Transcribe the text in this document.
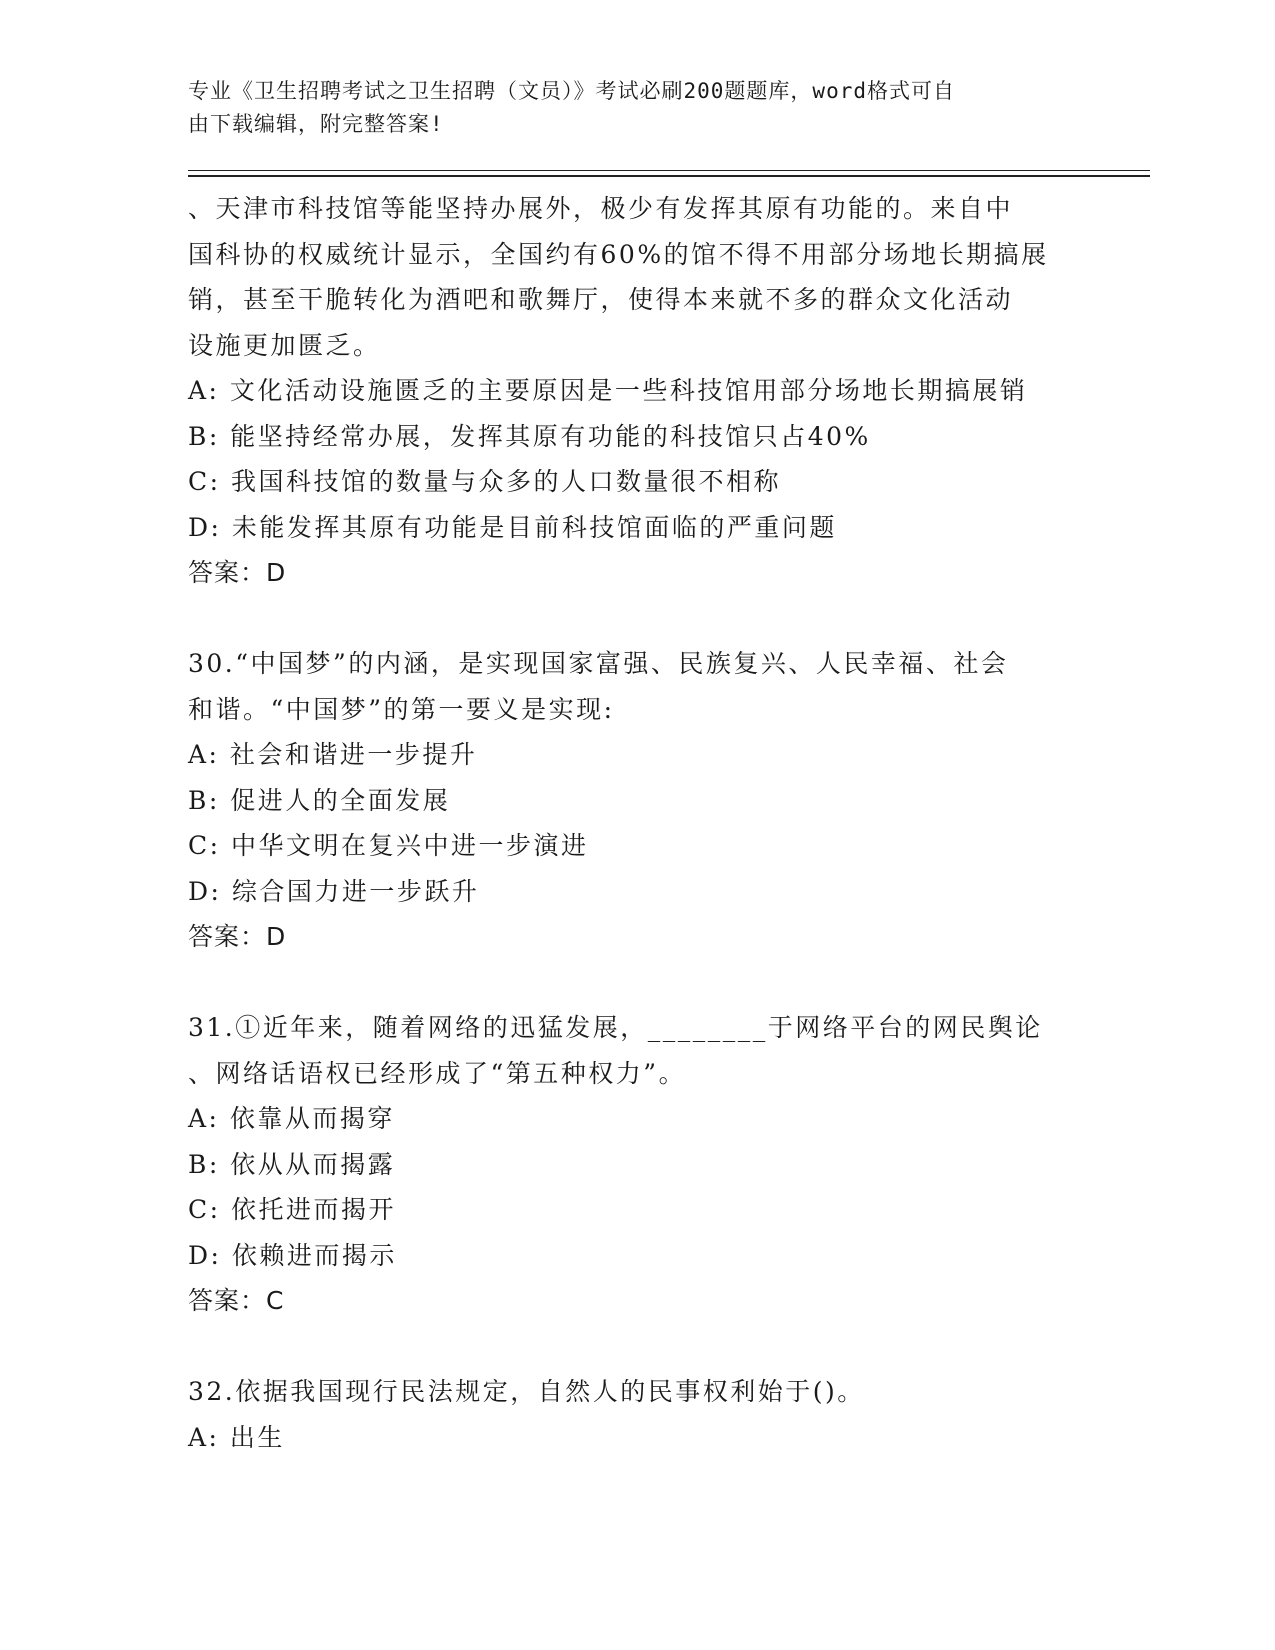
专业《卫生招聘考试之卫生招聘（文员）》考试必刷200题题库，word格式可自
由下载编辑，附完整答案!

、天津市科技馆等能坚持办展外，极少有发挥其原有功能的。来自中

国科协的权威统计显示，全国约有60%的馆不得不用部分场地长期搞展

销，甚至干脆转化为酒吧和歌舞厅，使得本来就不多的群众文化活动

设施更加匮乏。

A: 文化活动设施匮乏的主要原因是一些科技馆用部分场地长期搞展销

B: 能坚持经常办展，发挥其原有功能的科技馆只占40%

C: 我国科技馆的数量与众多的人口数量很不相称

D: 未能发挥其原有功能是目前科技馆面临的严重问题

答案：D

30.“中国梦”的内涵，是实现国家富强、民族复兴、人民幸福、社会

和谐。“中国梦”的第一要义是实现:

A: 社会和谐进一步提升

B: 促进人的全面发展

C: 中华文明在复兴中进一步演进

D: 综合国力进一步跃升

答案：D

31.①近年来，随着网络的迅猛发展，________于网络平台的网民舆论

、网络话语权已经形成了“第五种权力”。

A: 依靠从而揭穿

B: 依从从而揭露

C: 依托进而揭开

D: 依赖进而揭示

答案：C

32.依据我国现行民法规定，自然人的民事权利始于()。

A: 出生
